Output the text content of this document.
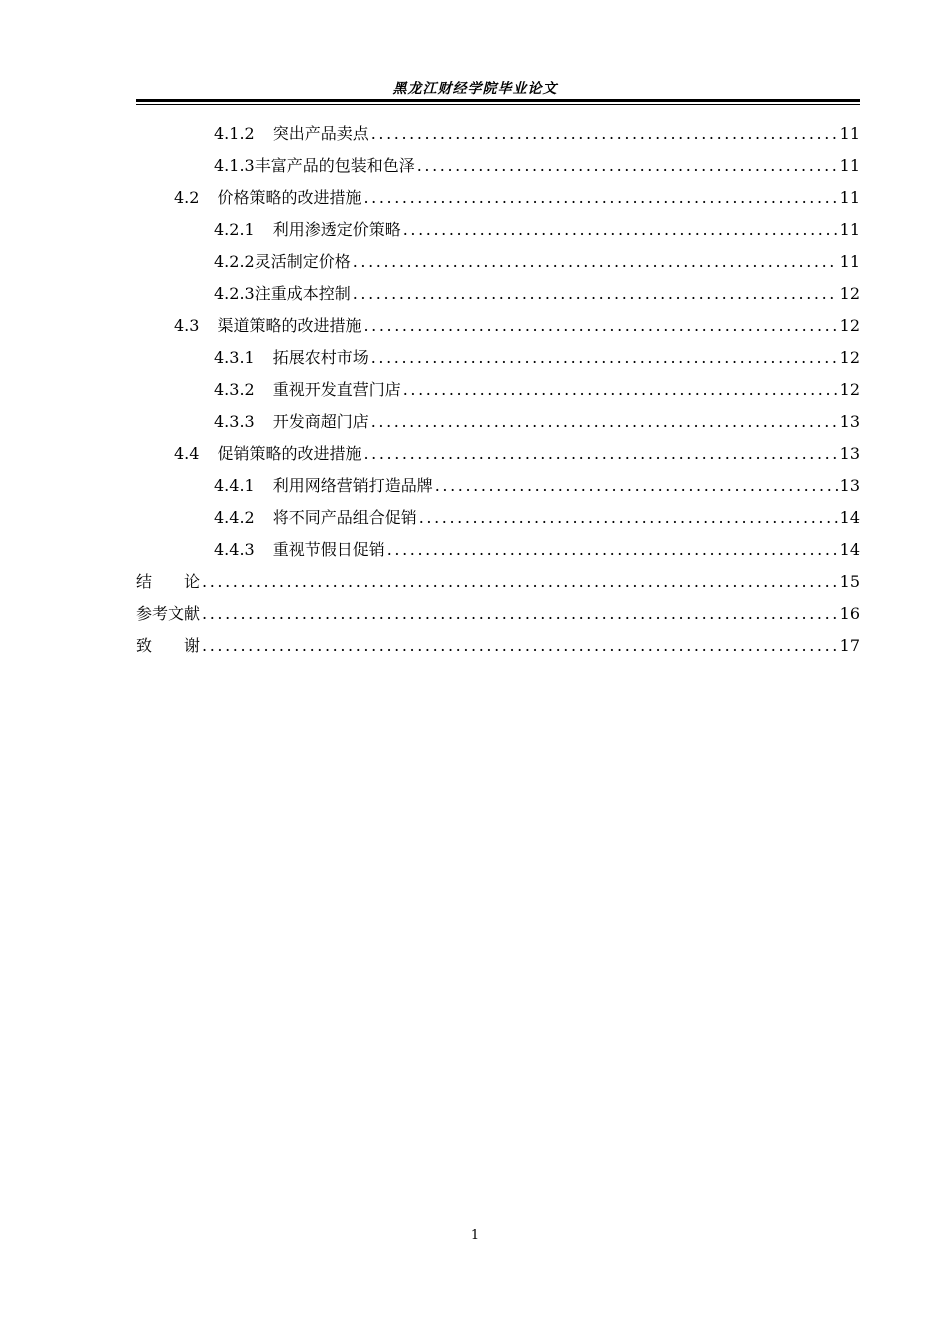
黑龙江财经学院毕业论文
4.1.2 突出产品卖点 .....	11
4.1.3 丰富产品的包装和色泽 .....	11
4.2 价格策略的改进措施 .....	11
4.2.1 利用渗透定价策略 .....	11
4.2.2 灵活制定价格 .....	11
4.2.3 注重成本控制 .....	12
4.3 渠道策略的改进措施 .....	12
4.3.1 拓展农村市场 .....	12
4.3.2 重视开发直营门店 .....	12
4.3.3 开发商超门店 .....	13
4.4 促销策略的改进措施 .....	13
4.4.1 利用网络营销打造品牌 .....	13
4.4.2 将不同产品组合促销 .....	14
4.4.3 重视节假日促销 .....	14
结　　论 .....	15
参考文献 .....	16
致　　谢 .....	17
1
